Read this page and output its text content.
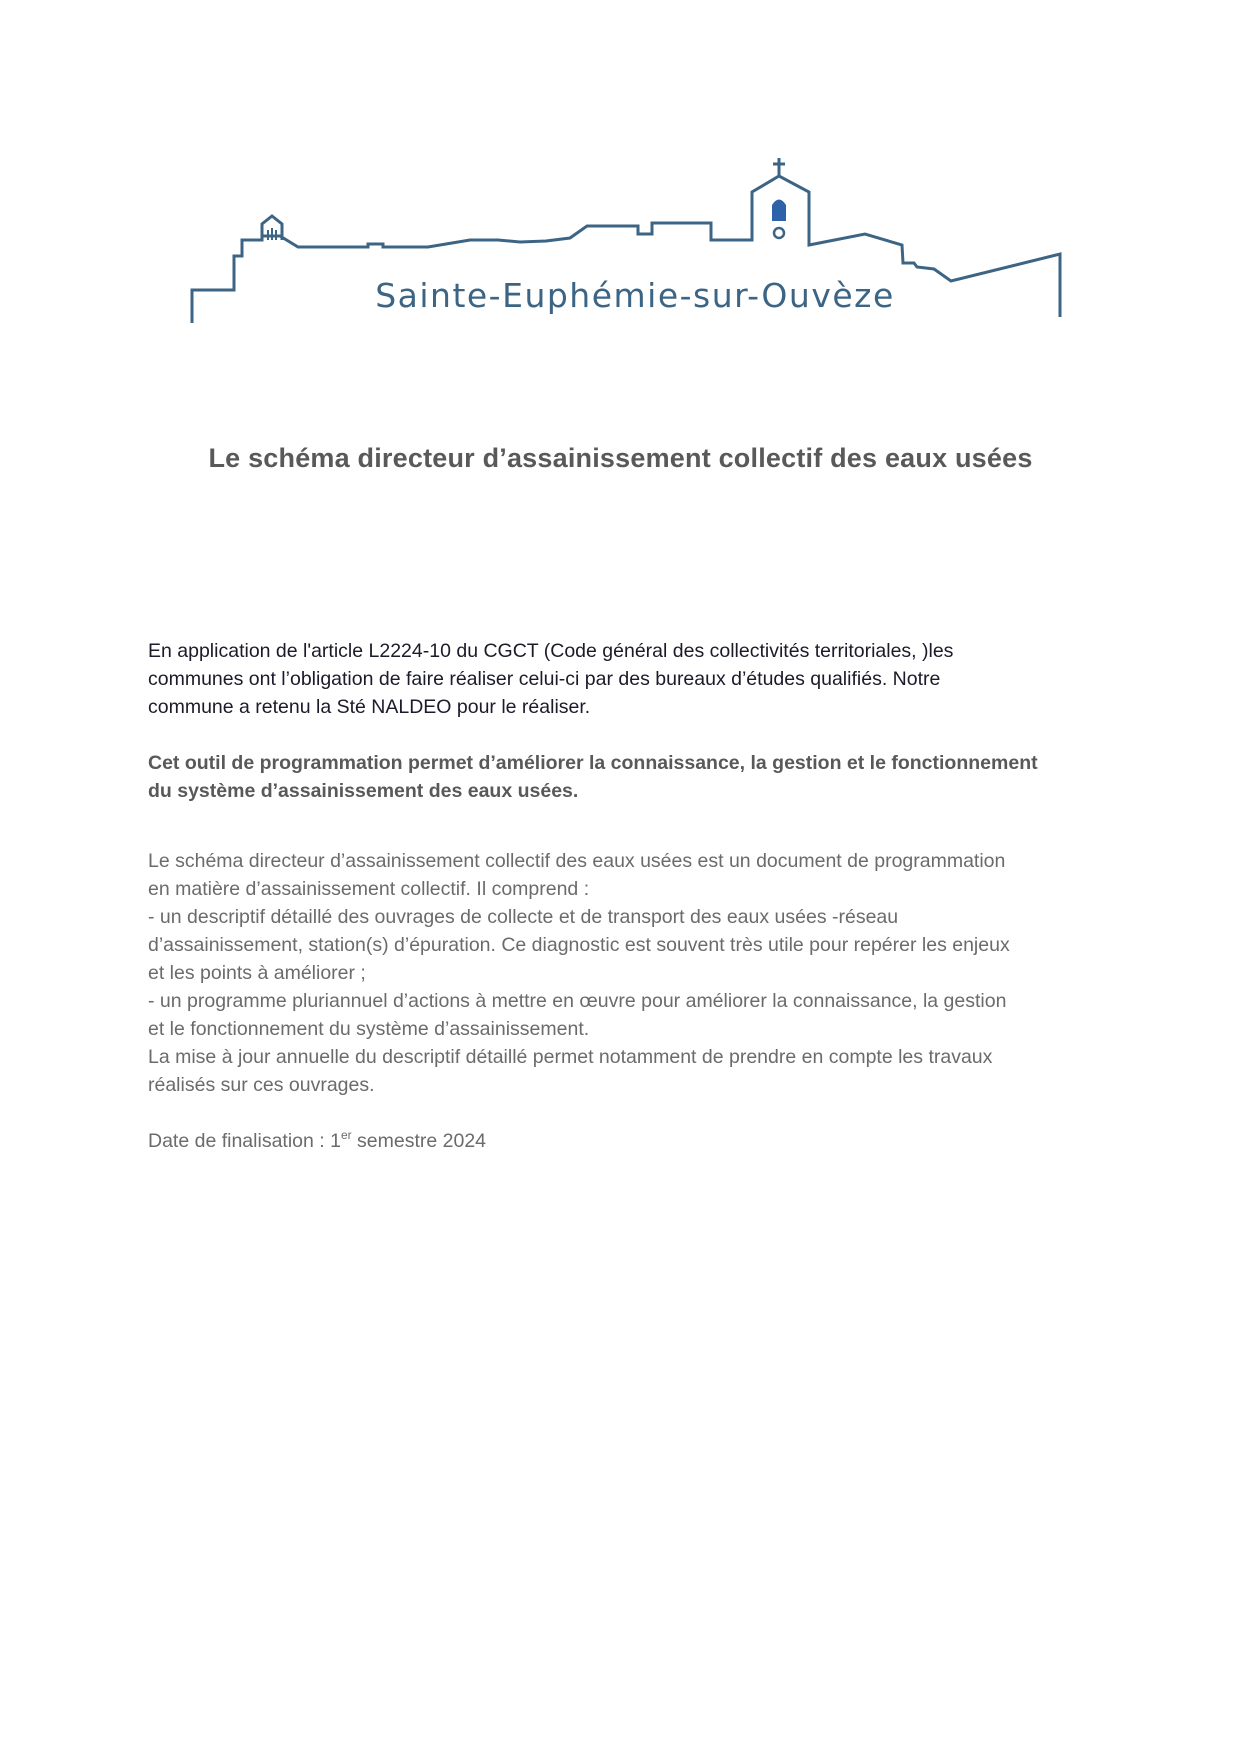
Sainte-Euphémie-sur-Ouvèze
Le schéma directeur d’assainissement collectif des eaux usées

En application de l'article L2224-10 du CGCT (Code général des collectivités territoriales, )les
communes ont l’obligation de faire réaliser celui-ci par des bureaux d’études qualifiés. Notre
commune a retenu la Sté NALDEO pour le réaliser.

Cet outil de programmation permet d’améliorer la connaissance, la gestion et le fonctionnement
du système d’assainissement des eaux usées.

Le schéma directeur d’assainissement collectif des eaux usées est un document de programmation
en matière d’assainissement collectif. Il comprend :
- un descriptif détaillé des ouvrages de collecte et de transport des eaux usées -réseau
d’assainissement, station(s) d’épuration. Ce diagnostic est souvent très utile pour repérer les enjeux
et les points à améliorer ;
- un programme pluriannuel d’actions à mettre en œuvre pour améliorer la connaissance, la gestion
et le fonctionnement du système d’assainissement.
La mise à jour annuelle du descriptif détaillé permet notamment de prendre en compte les travaux
réalisés sur ces ouvrages.

Date de finalisation : 1er semestre 2024
